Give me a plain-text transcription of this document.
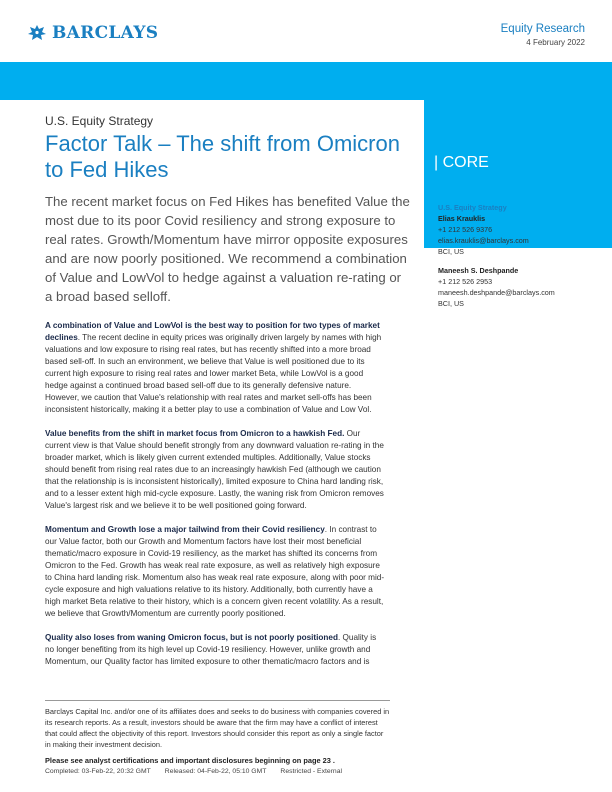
BARCLAYS	Equity Research
4 February 2022
| CORE
U.S. Equity Strategy
Factor Talk – The shift from Omicron to Fed Hikes

The recent market focus on Fed Hikes has benefited Value the most due to its poor Covid resiliency and strong exposure to real rates. Growth/Momentum have mirror opposite exposures and are now poorly positioned. We recommend a combination of Value and LowVol to hedge against a valuation re-rating or a broad based selloff.

A combination of Value and LowVol is the best way to position for two types of market declines. The recent decline in equity prices was originally driven largely by names with high valuations and low exposure to rising real rates, but has recently shifted into a more broad based sell-off. In such an environment, we believe that Value is well positioned due to its current high exposure to rising real rates and lower market Beta, while LowVol is a good hedge against a continued broad based sell-off due to its generally defensive nature. However, we caution that Value's relationship with real rates and market sell-offs has been inconsistent historically, making it a better play to use a combination of Value and Low Vol.

Value benefits from the shift in market focus from Omicron to a hawkish Fed. Our current view is that Value should benefit strongly from any downward valuation re-rating in the broader market, which is likely given current extended multiples. Additionally, Value stocks should benefit from rising real rates due to an increasingly hawkish Fed (although we caution that the relationship is is inconsistent historically), limited exposure to China hard landing risk, and to a lesser extent high mid-cycle exposure. Lastly, the waning risk from Omicron removes Value's largest risk and we believe it to be well positioned going forward.

Momentum and Growth lose a major tailwind from their Covid resiliency. In contrast to our Value factor, both our Growth and Momentum factors have lost their most beneficial thematic/macro exposure in Covid-19 resiliency, as the market has shifted its concerns from Omicron to the Fed. Growth has weak real rate exposure, as well as relatively high exposure to China hard landing risk. Momentum also has weak real rate exposure, along with poor mid-cycle exposure and high valuations relative to its history. Additionally, both currently have a high market Beta relative to their history, which is a concern given recent volatility. As a result, we believe that Growth/Momentum are currently poorly positioned.

Quality also loses from waning Omicron focus, but is not poorly positioned. Quality is no longer benefiting from its high level up Covid-19 resiliency. However, unlike growth and Momentum, our Quality factor has limited exposure to other thematic/macro factors and is

U.S. Equity Strategy
Elias Krauklis
+1 212 526 9376
elias.krauklis@barclays.com
BCI, US
Maneesh S. Deshpande
+1 212 526 2953
maneesh.deshpande@barclays.com
BCI, US

Barclays Capital Inc. and/or one of its affiliates does and seeks to do business with companies covered in its research reports. As a result, investors should be aware that the firm may have a conflict of interest that could affect the objectivity of this report. Investors should consider this report as only a single factor in making their investment decision.

Please see analyst certifications and important disclosures beginning on page 23 .
Completed: 03-Feb-22, 20:32 GMT Released: 04-Feb-22, 05:10 GMT Restricted - External
